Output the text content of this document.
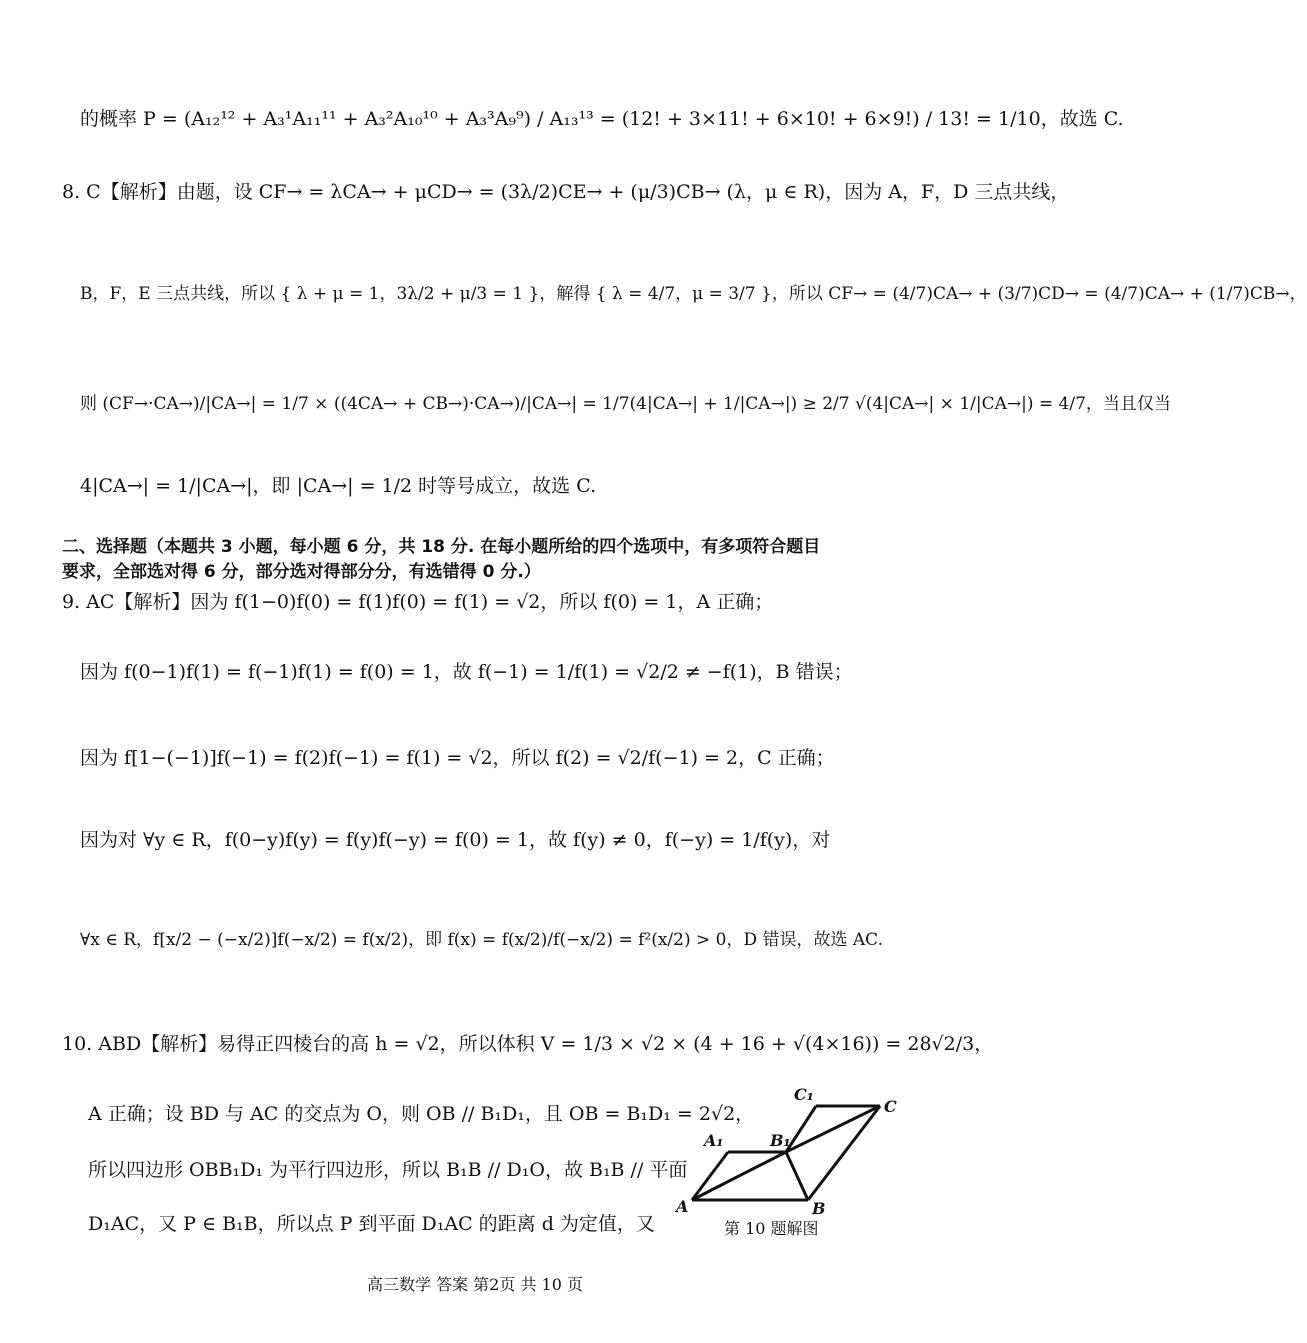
的概率 P = (A₁₂¹² + A₃¹A₁₁¹¹ + A₃²A₁₀¹⁰ + A₃³A₉⁹) / A₁₃¹³ = (12! + 3×11! + 6×10! + 6×9!) / 13! = 1/10，故选 C.
8. C【解析】由题，设 CF→ = λCA→ + μCD→ = (3λ/2)CE→ + (μ/3)CB→ (λ，μ ∈ R)，因为 A，F，D 三点共线，
B，F，E 三点共线，所以 { λ + μ = 1，3λ/2 + μ/3 = 1 }，解得 { λ = 4/7，μ = 3/7 }，所以 CF→ = (4/7)CA→ + (3/7)CD→ = (4/7)CA→ + (1/7)CB→，
则 (CF→·CA→)/|CA→| = 1/7 × ((4CA→ + CB→)·CA→)/|CA→| = 1/7(4|CA→| + 1/|CA→|) ≥ 2/7 √(4|CA→| × 1/|CA→|) = 4/7，当且仅当
4|CA→| = 1/|CA→|，即 |CA→| = 1/2 时等号成立，故选 C.
二、选择题（本题共 3 小题，每小题 6 分，共 18 分. 在每小题所给的四个选项中，有多项符合题目
要求，全部选对得 6 分，部分选对得部分分，有选错得 0 分.）
9. AC【解析】因为 f(1−0)f(0) = f(1)f(0) = f(1) = √2，所以 f(0) = 1，A 正确；
因为 f(0−1)f(1) = f(−1)f(1) = f(0) = 1，故 f(−1) = 1/f(1) = √2/2 ≠ −f(1)，B 错误；
因为 f[1−(−1)]f(−1) = f(2)f(−1) = f(1) = √2，所以 f(2) = √2/f(−1) = 2，C 正确；
因为对 ∀y ∈ R，f(0−y)f(y) = f(y)f(−y) = f(0) = 1，故 f(y) ≠ 0，f(−y) = 1/f(y)，对
∀x ∈ R，f[x/2 − (−x/2)]f(−x/2) = f(x/2)，即 f(x) = f(x/2)/f(−x/2) = f²(x/2) > 0，D 错误，故选 AC.
10. ABD【解析】易得正四棱台的高 h = √2，所以体积 V = 1/3 × √2 × (4 + 16 + √(4×16)) = 28√2/3，
A 正确；设 BD 与 AC 的交点为 O，则 OB // B₁D₁，且 OB = B₁D₁ = 2√2，
所以四边形 OBB₁D₁ 为平行四边形，所以 B₁B // D₁O，故 B₁B // 平面
D₁AC，又 P ∈ B₁B，所以点 P 到平面 D₁AC 的距离 d 为定值，又
A	B
C
A₁	B₁
C₁
第 10 题解图
高三数学 答案 第2页 共 10 页
